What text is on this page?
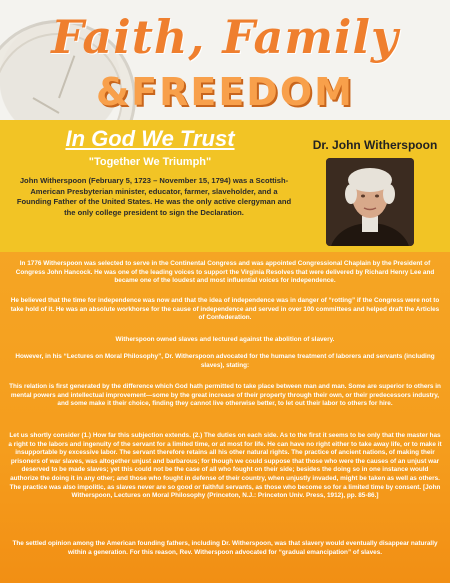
Faith, Family
&FREEDOM
In God We Trust
"Together We Triumph"
John Witherspoon (February 5, 1723 – November 15, 1794) was a Scottish-American Presbyterian minister, educator, farmer, slaveholder, and a Founding Father of the United States. He was the only active clergyman and the only college president to sign the Declaration.
Dr. John Witherspoon
In 1776 Witherspoon was selected to serve in the Continental Congress and was appointed Congressional Chaplain by the President of Congress John Hancock. He was one of the leading voices to support the Virginia Resolves that were delivered by Richard Henry Lee and became one of the loudest and most influential voices for independence.
He believed that the time for independence was now and that the idea of independence was in danger of “rotting” if the Congress were not to take hold of it. He was an absolute workhorse for the cause of independence and served in over 100 committees and helped draft the Articles of Confederation.
Witherspoon owned slaves and lectured against the abolition of slavery.
However, in his “Lectures on Moral Philosophy”, Dr. Witherspoon advocated for the humane treatment of laborers and servants (including slaves), stating:
This relation is first generated by the difference which God hath permitted to take place between man and man. Some are superior to others in mental powers and intellectual improvement—some by the great increase of their property through their own, or their predecessors industry, and some make it their choice, finding they cannot live otherwise better, to let out their labor to others for hire.
Let us shortly consider (1.) How far this subjection extends. (2.) The duties on each side. As to the first it seems to be only that the master has a right to the labors and ingenuity of the servant for a limited time, or at most for life. He can have no right either to take away life, or to make it insupportable by excessive labor. The servant therefore retains all his other natural rights. The practice of ancient nations, of making their prisoners of war slaves, was altogether unjust and barbarous; for though we could suppose that those who were the causes of an unjust war deserved to be made slaves; yet this could not be the case of all who fought on their side; besides the doing so in one instance would authorize the doing it in any other; and those who fought in defense of their country, when unjustly invaded, might be taken as well as others. The practice was also impolitic, as slaves never are so good or faithful servants, as those who become so for a limited time by consent. [John Witherspoon, Lectures on Moral Philosophy (Princeton, N.J.: Princeton Univ. Press, 1912), pp. 85-86.]
The settled opinion among the American founding fathers, including Dr. Witherspoon, was that slavery would eventually disappear naturally within a generation. For this reason, Rev. Witherspoon advocated for “gradual emancipation” of slaves.
